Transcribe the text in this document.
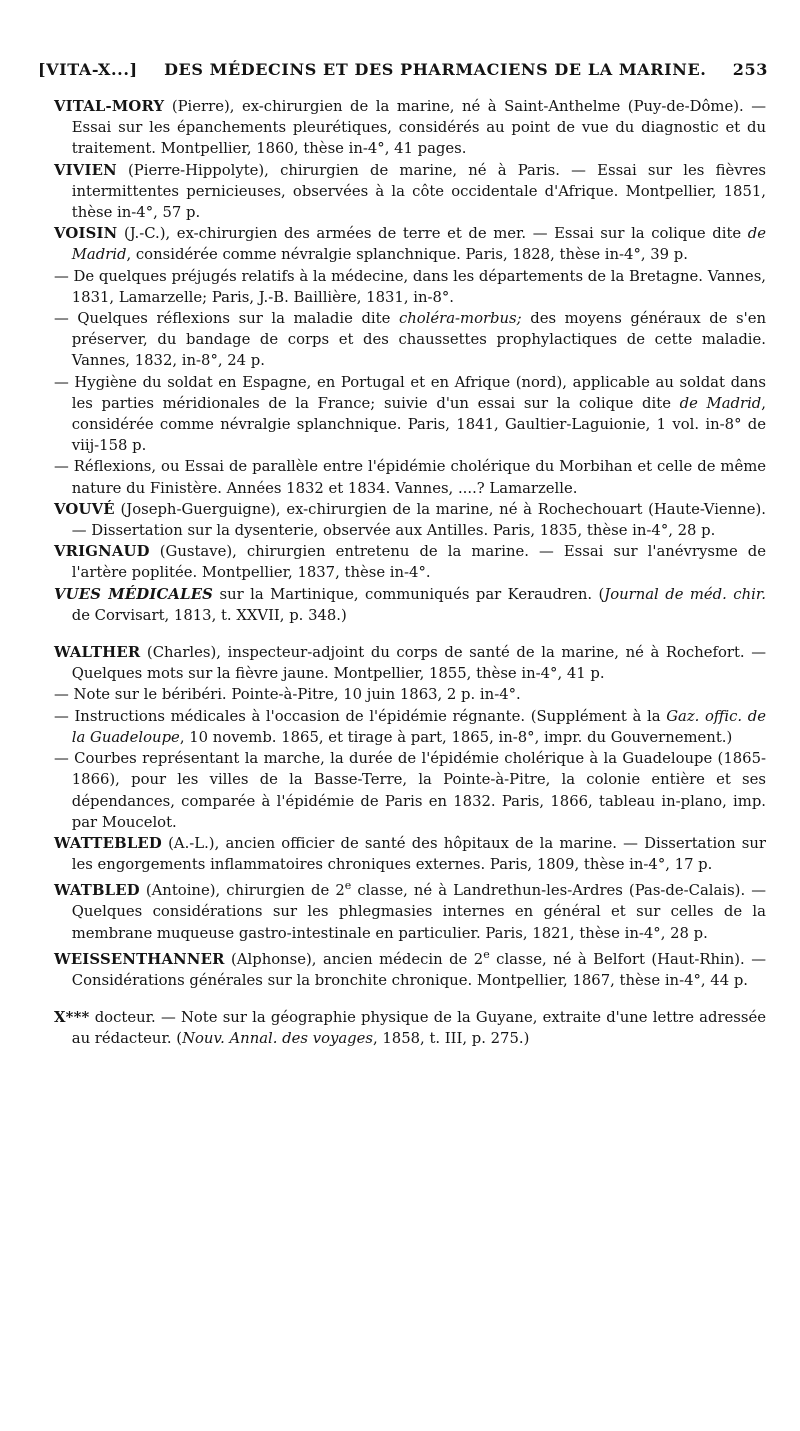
[VITA-X...]	DES MÉDECINS ET DES PHARMACIENS DE LA MARINE.	253

VITAL-MORY (Pierre), ex-chirurgien de la marine, né à Saint-Anthelme (Puy-de-Dôme). — Essai sur les épanchements pleurétiques, considérés au point de vue du diagnostic et du traitement. Montpellier, 1860, thèse in-4°, 41 pages.

VIVIEN (Pierre-Hippolyte), chirurgien de marine, né à Paris. — Essai sur les fièvres intermittentes pernicieuses, observées à la côte occidentale d'Afrique. Montpellier, 1851, thèse in-4°, 57 p.

VOISIN (J.-C.), ex-chirurgien des armées de terre et de mer. — Essai sur la colique dite de Madrid, considérée comme névralgie splanchnique. Paris, 1828, thèse in-4°, 39 p.

— De quelques préjugés relatifs à la médecine, dans les départements de la Bretagne. Vannes, 1831, Lamarzelle; Paris, J.-B. Baillière, 1831, in-8°.

— Quelques réflexions sur la maladie dite choléra-morbus; des moyens généraux de s'en préserver, du bandage de corps et des chaussettes prophylactiques de cette maladie. Vannes, 1832, in-8°, 24 p.

— Hygiène du soldat en Espagne, en Portugal et en Afrique (nord), applicable au soldat dans les parties méridionales de la France; suivie d'un essai sur la colique dite de Madrid, considérée comme névralgie splanchnique. Paris, 1841, Gaultier-Laguionie, 1 vol. in-8° de viij-158 p.

— Réflexions, ou Essai de parallèle entre l'épidémie cholérique du Morbihan et celle de même nature du Finistère. Années 1832 et 1834. Vannes, ....? Lamarzelle.

VOUVÉ (Joseph-Guerguigne), ex-chirurgien de la marine, né à Rochechouart (Haute-Vienne). — Dissertation sur la dysenterie, observée aux Antilles. Paris, 1835, thèse in-4°, 28 p.

VRIGNAUD (Gustave), chirurgien entretenu de la marine. — Essai sur l'anévrysme de l'artère poplitée. Montpellier, 1837, thèse in-4°.

VUES MÉDICALES sur la Martinique, communiqués par Keraudren. (Journal de méd. chir. de Corvisart, 1813, t. XXVII, p. 348.)

WALTHER (Charles), inspecteur-adjoint du corps de santé de la marine, né à Rochefort. — Quelques mots sur la fièvre jaune. Montpellier, 1855, thèse in-4°, 41 p.

— Note sur le béribéri. Pointe-à-Pitre, 10 juin 1863, 2 p. in-4°.

— Instructions médicales à l'occasion de l'épidémie régnante. (Supplément à la Gaz. offic. de la Guadeloupe, 10 novemb. 1865, et tirage à part, 1865, in-8°, impr. du Gouvernement.)

— Courbes représentant la marche, la durée de l'épidémie cholérique à la Guadeloupe (1865-1866), pour les villes de la Basse-Terre, la Pointe-à-Pitre, la colonie entière et ses dépendances, comparée à l'épidémie de Paris en 1832. Paris, 1866, tableau in-plano, imp. par Moucelot.

WATTEBLED (A.-L.), ancien officier de santé des hôpitaux de la marine. — Dissertation sur les engorgements inflammatoires chroniques externes. Paris, 1809, thèse in-4°, 17 p.

WATBLED (Antoine), chirurgien de 2e classe, né à Landrethun-les-Ardres (Pas-de-Calais). — Quelques considérations sur les phlegmasies internes en général et sur celles de la membrane muqueuse gastro-intestinale en particulier. Paris, 1821, thèse in-4°, 28 p.

WEISSENTHANNER (Alphonse), ancien médecin de 2e classe, né à Belfort (Haut-Rhin). — Considérations générales sur la bronchite chronique. Montpellier, 1867, thèse in-4°, 44 p.

X*** docteur. — Note sur la géographie physique de la Guyane, extraite d'une lettre adressée au rédacteur. (Nouv. Annal. des voyages, 1858, t. III, p. 275.)
